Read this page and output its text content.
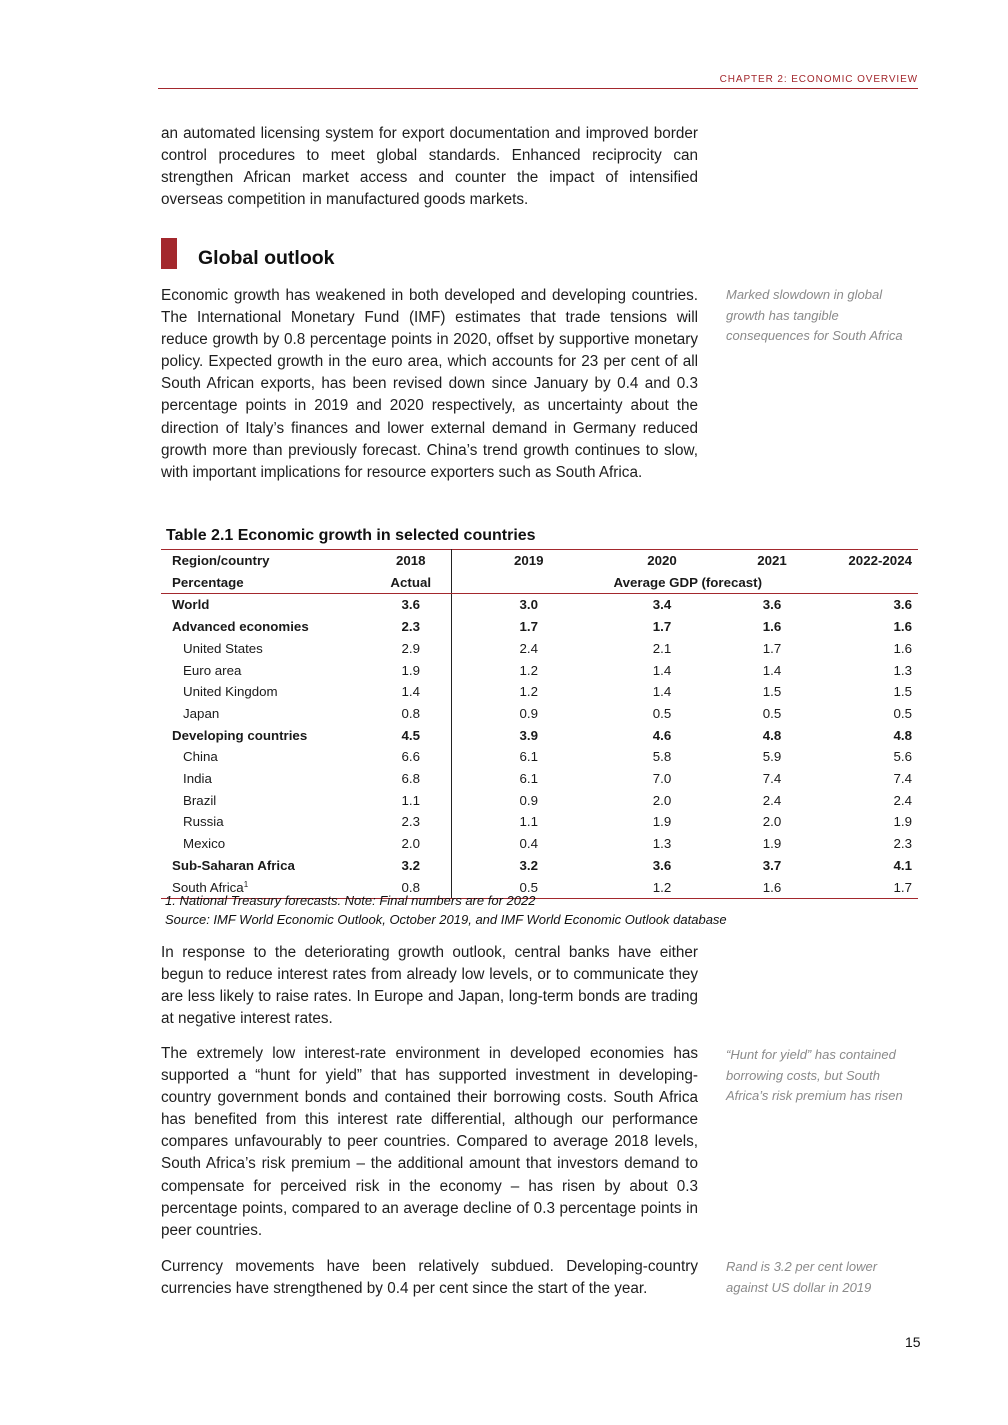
CHAPTER 2: ECONOMIC OVERVIEW

an automated licensing system for export documentation and improved border control procedures to meet global standards. Enhanced reciprocity can strengthen African market access and counter the impact of intensified overseas competition in manufactured goods markets.

Global outlook

Economic growth has weakened in both developed and developing countries. The International Monetary Fund (IMF) estimates that trade tensions will reduce growth by 0.8 percentage points in 2020, offset by supportive monetary policy. Expected growth in the euro area, which accounts for 23 per cent of all South African exports, has been revised down since January by 0.4 and 0.3 percentage points in 2019 and 2020 respectively, as uncertainty about the direction of Italy’s finances and lower external demand in Germany reduced growth more than previously forecast. China’s trend growth continues to slow, with important implications for resource exporters such as South Africa.

Marked slowdown in global growth has tangible consequences for South Africa

Table 2.1 Economic growth in selected countries
Region/country	2018	2019	2020	2021	2022-2024
Percentage	Actual	Average GDP (forecast)			
World	3.6	3.0	3.4	3.6	3.6
Advanced economies	2.3	1.7	1.7	1.6	1.6
United States	2.9	2.4	2.1	1.7	1.6
Euro area	1.9	1.2	1.4	1.4	1.3
United Kingdom	1.4	1.2	1.4	1.5	1.5
Japan	0.8	0.9	0.5	0.5	0.5
Developing countries	4.5	3.9	4.6	4.8	4.8
China	6.6	6.1	5.8	5.9	5.6
India	6.8	6.1	7.0	7.4	7.4
Brazil	1.1	0.9	2.0	2.4	2.4
Russia	2.3	1.1	1.9	2.0	1.9
Mexico	2.0	0.4	1.3	1.9	2.3
Sub-Saharan Africa	3.2	3.2	3.6	3.7	4.1
South Africa$^1$	0.8	0.5	1.2	1.6	1.7
1. National Treasury forecasts. Note: Final numbers are for 2022
Source: IMF World Economic Outlook, October 2019, and IMF World Economic Outlook database

In response to the deteriorating growth outlook, central banks have either begun to reduce interest rates from already low levels, or to communicate they are less likely to raise rates. In Europe and Japan, long-term bonds are trading at negative interest rates.

The extremely low interest-rate environment in developed economies has supported a “hunt for yield” that has supported investment in developing-country government bonds and contained their borrowing costs. South Africa has benefited from this interest rate differential, although our performance compares unfavourably to peer countries. Compared to average 2018 levels, South Africa’s risk premium – the additional amount that investors demand to compensate for perceived risk in the economy – has risen by about 0.3 percentage points, compared to an average decline of 0.3 percentage points in peer countries.

“Hunt for yield” has contained borrowing costs, but South Africa’s risk premium has risen

Currency movements have been relatively subdued. Developing-country currencies have strengthened by 0.4 per cent since the start of the year.

Rand is 3.2 per cent lower against US dollar in 2019

15
